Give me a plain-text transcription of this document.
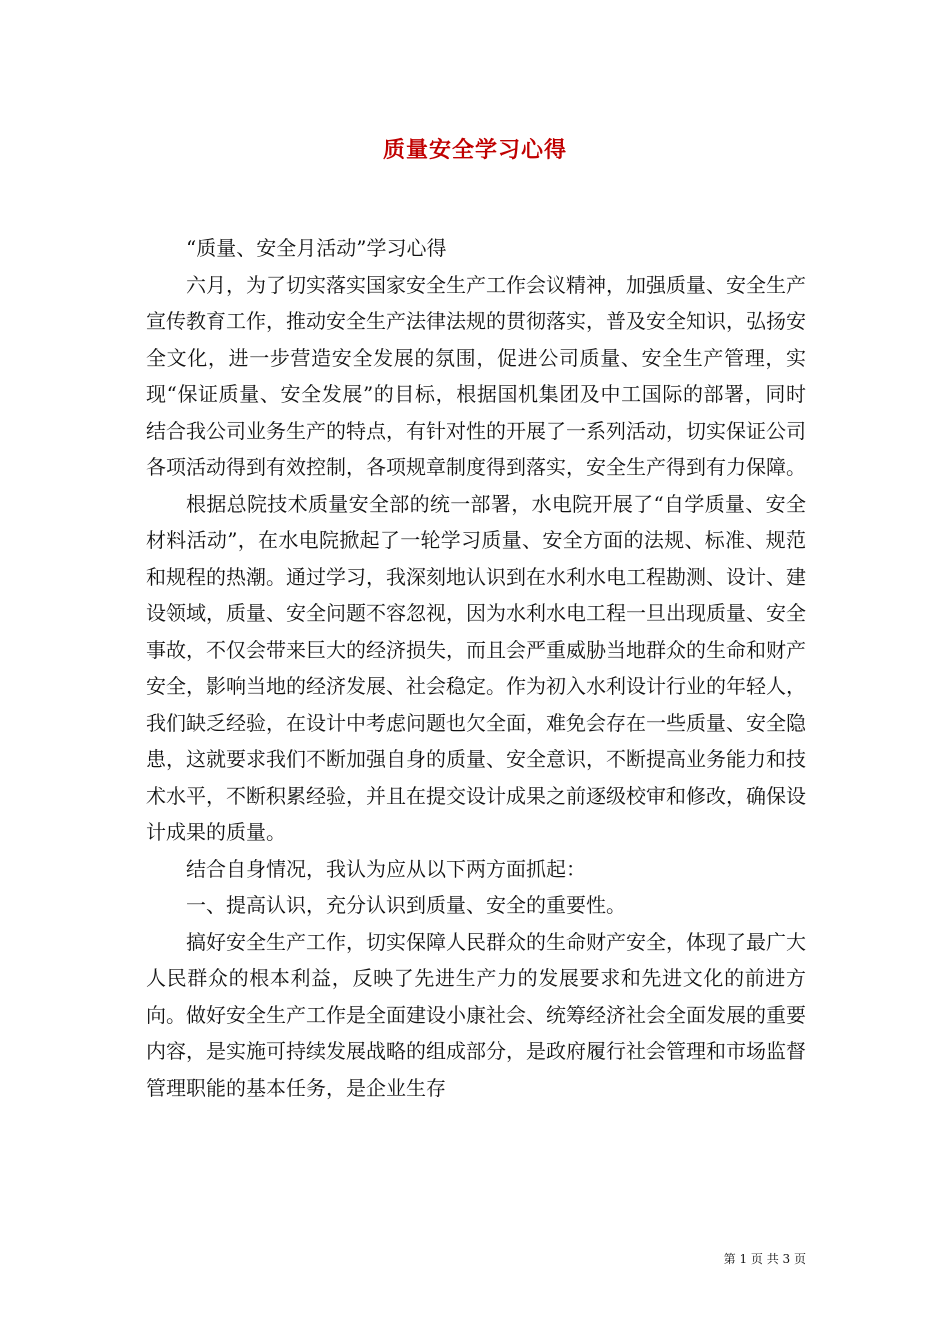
质量安全学习心得

“质量、安全月活动”学习心得

六月，为了切实落实国家安全生产工作会议精神，加强质量、安全生产宣传教育工作，推动安全生产法律法规的贯彻落实，普及安全知识，弘扬安全文化，进一步营造安全发展的氛围，促进公司质量、安全生产管理，实现“保证质量、安全发展”的目标，根据国机集团及中工国际的部署，同时结合我公司业务生产的特点，有针对性的开展了一系列活动，切实保证公司各项活动得到有效控制，各项规章制度得到落实，安全生产得到有力保障。

根据总院技术质量安全部的统一部署，水电院开展了“自学质量、安全材料活动”，在水电院掀起了一轮学习质量、安全方面的法规、标准、规范和规程的热潮。通过学习，我深刻地认识到在水利水电工程勘测、设计、建设领域，质量、安全问题不容忽视，因为水利水电工程一旦出现质量、安全事故，不仅会带来巨大的经济损失，而且会严重威胁当地群众的生命和财产安全，影响当地的经济发展、社会稳定。作为初入水利设计行业的年轻人，我们缺乏经验，在设计中考虑问题也欠全面，难免会存在一些质量、安全隐患，这就要求我们不断加强自身的质量、安全意识，不断提高业务能力和技术水平，不断积累经验，并且在提交设计成果之前逐级校审和修改，确保设计成果的质量。

结合自身情况，我认为应从以下两方面抓起：

一、提高认识，充分认识到质量、安全的重要性。

搞好安全生产工作，切实保障人民群众的生命财产安全，体现了最广大人民群众的根本利益，反映了先进生产力的发展要求和先进文化的前进方向。做好安全生产工作是全面建设小康社会、统筹经济社会全面发展的重要内容，是实施可持续发展战略的组成部分，是政府履行社会管理和市场监督管理职能的基本任务，是企业生存

第 1 页 共 3 页
